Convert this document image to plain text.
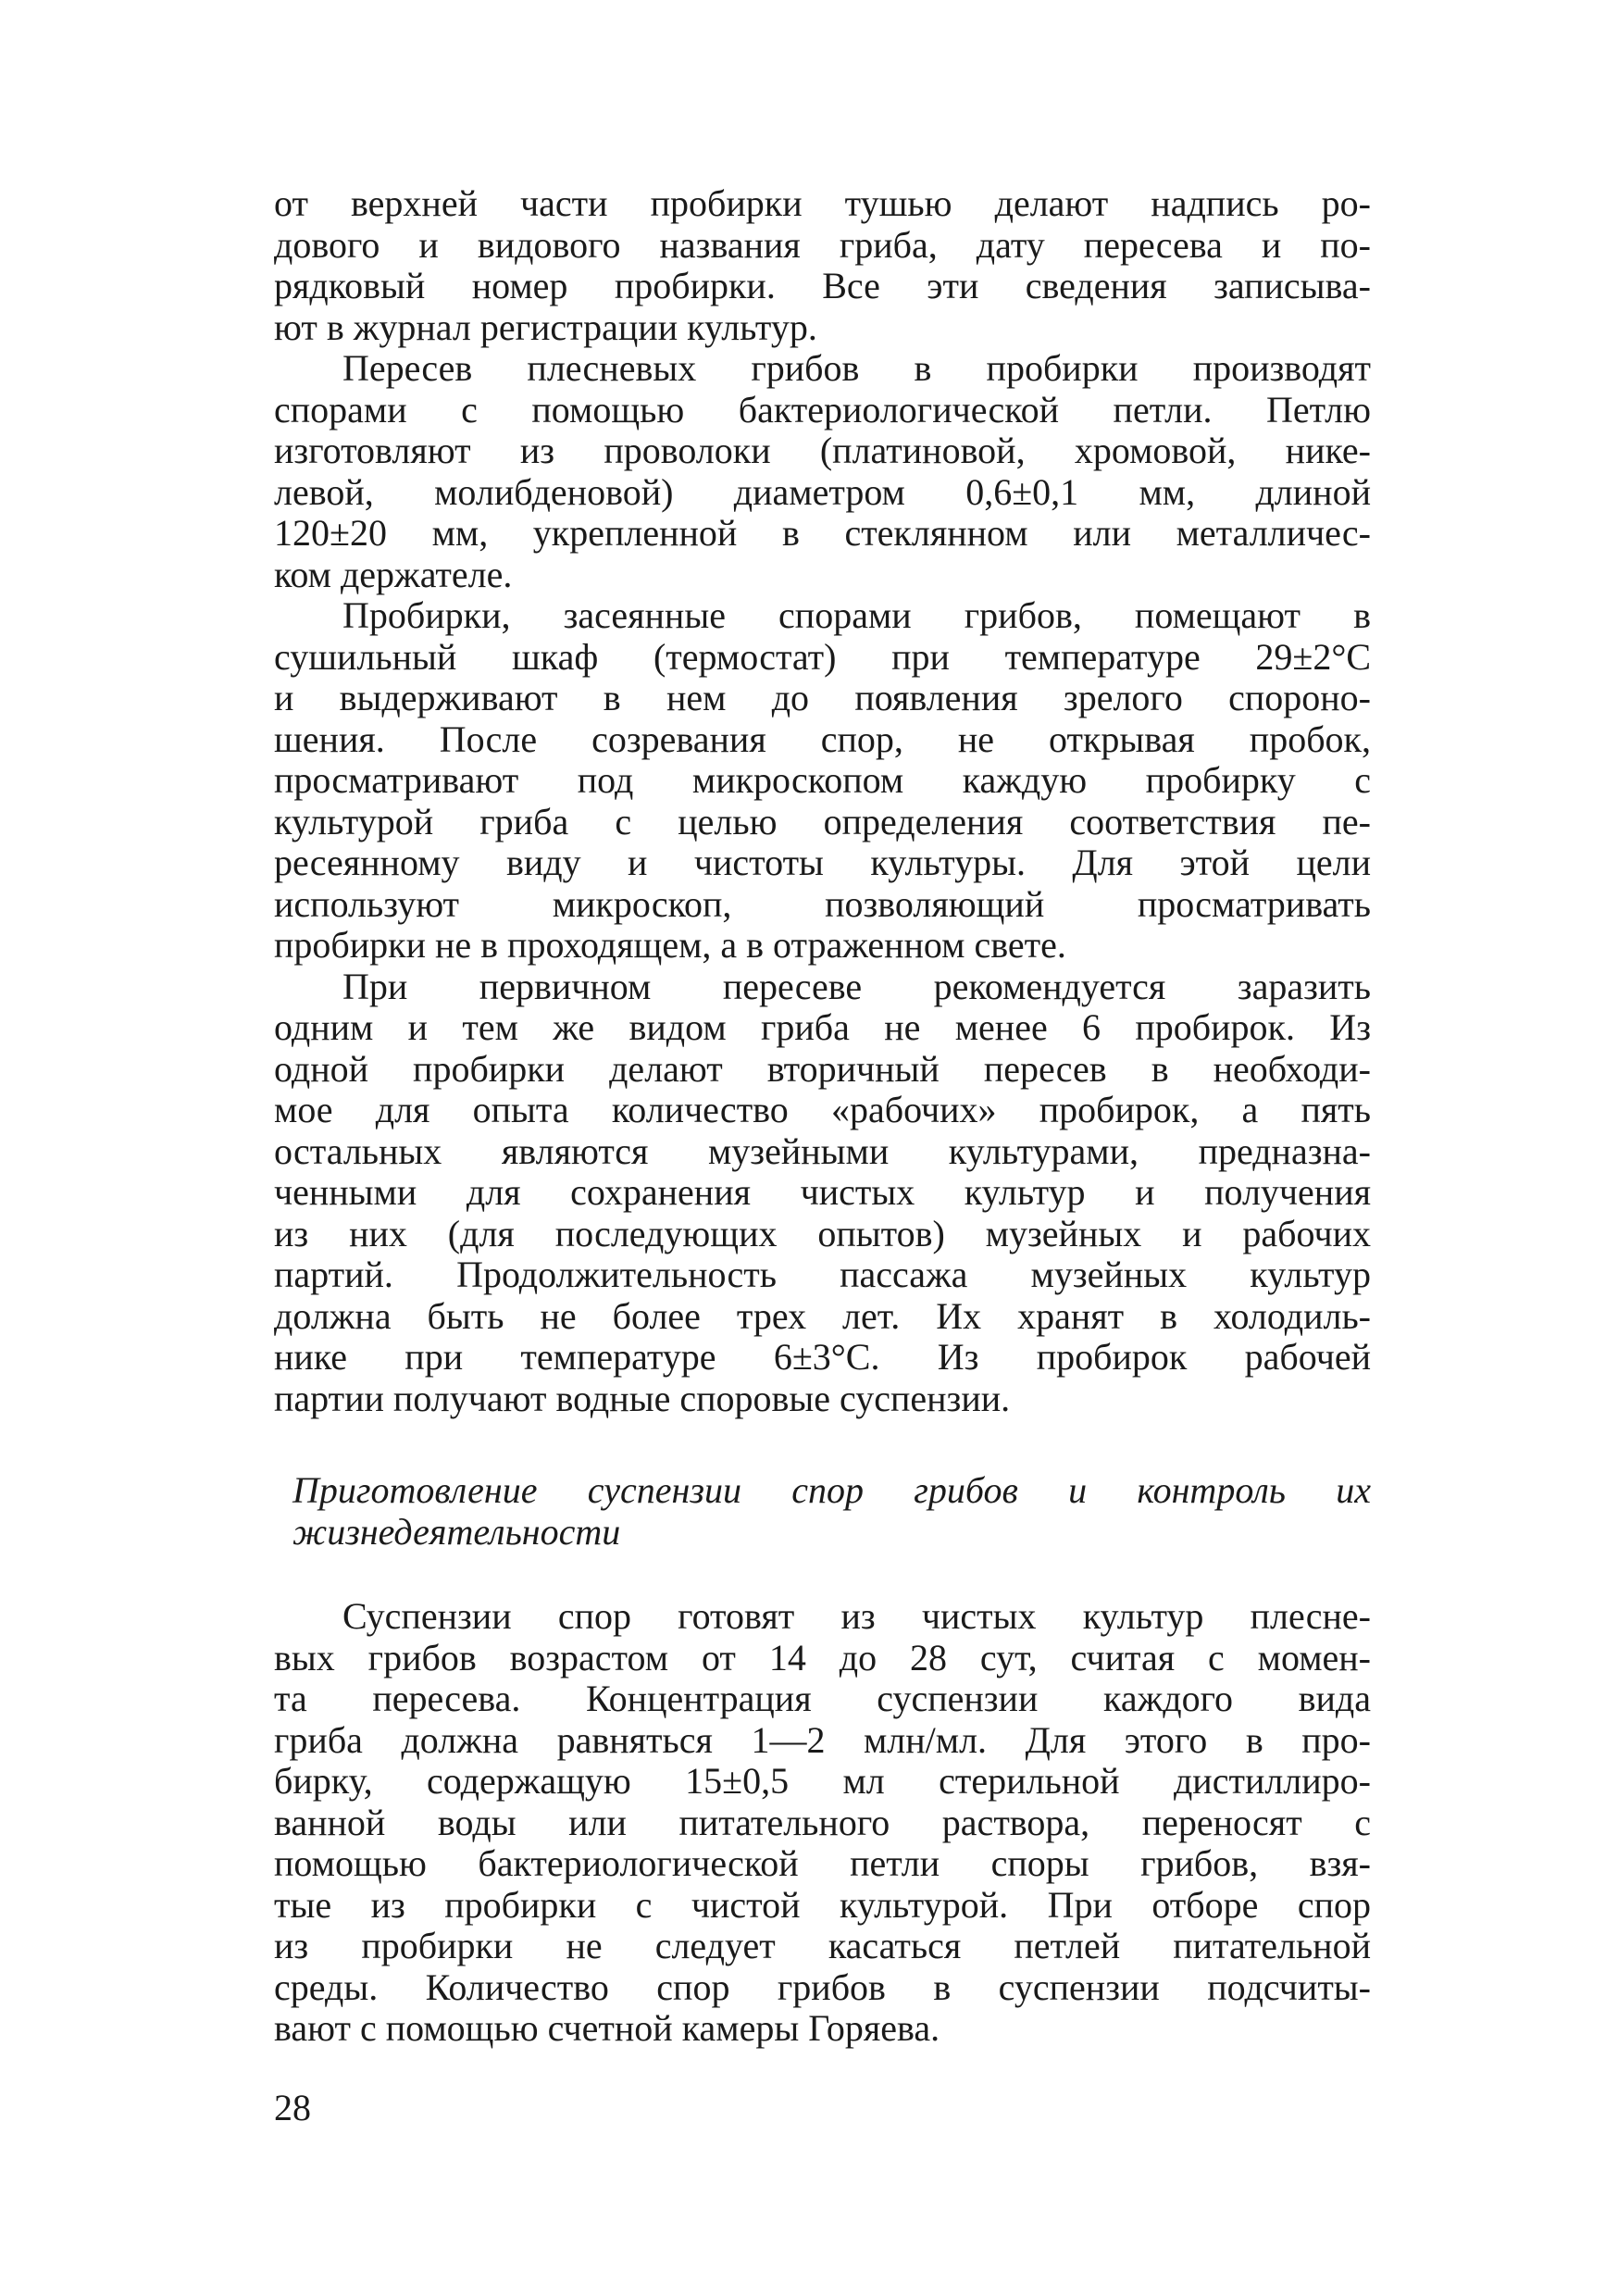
от верхней части пробирки тушью делают надпись ро-
дового и видового названия гриба, дату пересева и по-
рядковый номер пробирки. Все эти сведения записыва-
ют в журнал регистрации культур.

Пересев плесневых грибов в пробирки производят
спорами с помощью бактериологической петли. Петлю
изготовляют из проволоки (платиновой, хромовой, нике-
левой, молибденовой) диаметром 0,6±0,1 мм, длиной
120±20 мм, укрепленной в стеклянном или металличес-
ком держателе.

Пробирки, засеянные спорами грибов, помещают в
сушильный шкаф (термостат) при температуре 29±2°С
и выдерживают в нем до появления зрелого спороно-
шения. После созревания спор, не открывая пробок,
просматривают под микроскопом каждую пробирку с
культурой гриба с целью определения соответствия пе-
ресеянному виду и чистоты культуры. Для этой цели
используют микроскоп, позволяющий просматривать
пробирки не в проходящем, а в отраженном свете.

При первичном пересеве рекомендуется заразить
одним и тем же видом гриба не менее 6 пробирок. Из
одной пробирки делают вторичный пересев в необходи-
мое для опыта количество «рабочих» пробирок, а пять
остальных являются музейными культурами, предназна-
ченными для сохранения чистых культур и получения
из них (для последующих опытов) музейных и рабочих
партий. Продолжительность пассажа музейных культур
должна быть не более трех лет. Их хранят в холодиль-
нике при температуре 6±3°С. Из пробирок рабочей
партии получают водные споровые суспензии.

Приготовление суспензии спор грибов и контроль их
жизнедеятельности

Суспензии спор готовят из чистых культур плесне-
вых грибов возрастом от 14 до 28 сут, считая с момен-
та пересева. Концентрация суспензии каждого вида
гриба должна равняться 1—2 млн/мл. Для этого в про-
бирку, содержащую 15±0,5 мл стерильной дистиллиро-
ванной воды или питательного раствора, переносят с
помощью бактериологической петли споры грибов, взя-
тые из пробирки с чистой культурой. При отборе спор
из пробирки не следует касаться петлей питательной
среды. Количество спор грибов в суспензии подсчиты-
вают с помощью счетной камеры Горяева.

28
